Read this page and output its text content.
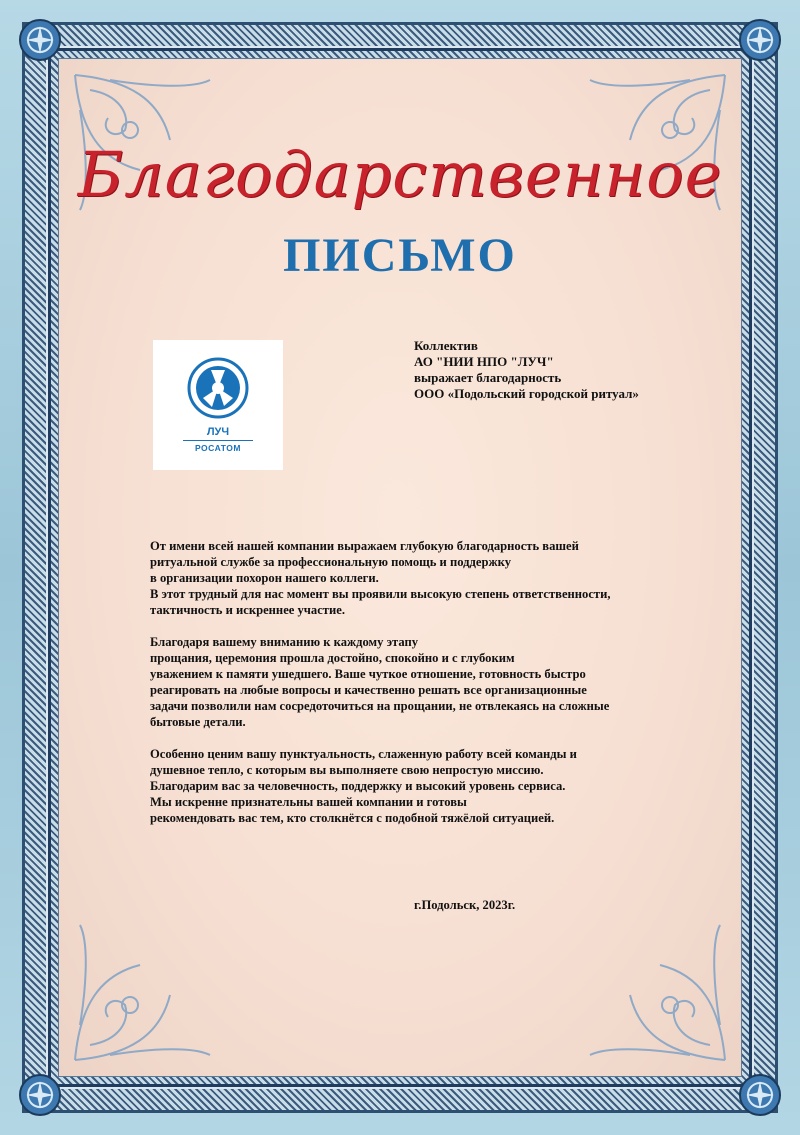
Благодарственное
ПИСЬМО
ЛУЧ
РОСАТОМ
Коллектив
АО "НИИ НПО "ЛУЧ"
выражает благодарность
ООО «Подольский городской ритуал»
От имени всей нашей компании выражаем глубокую благодарность вашей
ритуальной службе за профессиональную помощь и поддержку
в организации похорон нашего коллеги.
В этот трудный для нас момент вы проявили высокую степень ответственности,
тактичность и искреннее участие.
Благодаря вашему вниманию к каждому этапу
прощания, церемония прошла достойно, спокойно и с глубоким
уважением к памяти ушедшего. Ваше чуткое отношение, готовность быстро
реагировать на любые вопросы и качественно решать все организационные
задачи позволили нам сосредоточиться на прощании, не отвлекаясь на сложные
бытовые детали.
Особенно ценим вашу пунктуальность, слаженную работу всей команды и
душевное тепло, с которым вы выполняете свою непростую миссию.
Благодарим вас за человечность, поддержку и высокий уровень сервиса.
Мы искренне признательны вашей компании и готовы
рекомендовать вас тем, кто столкнётся с подобной тяжёлой ситуацией.
г.Подольск, 2023г.
